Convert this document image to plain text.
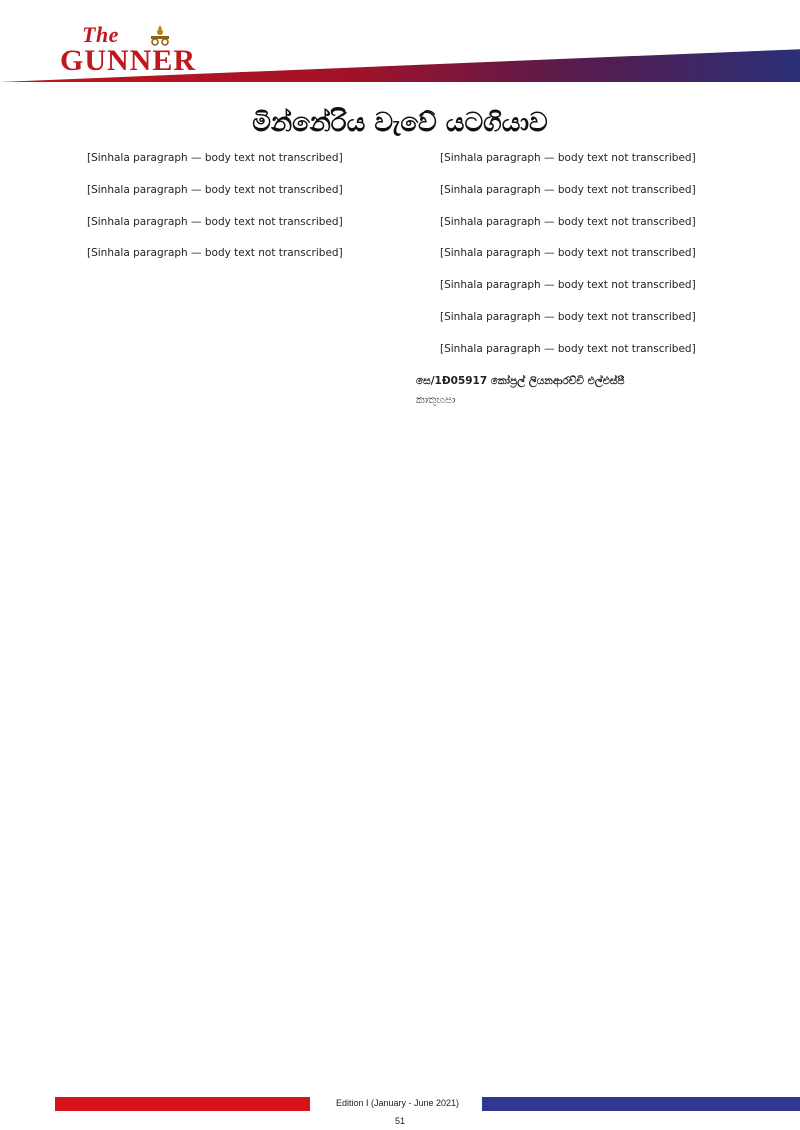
The
GUNNER
මින්නේරිය වැවේ යටගියාව

[Sinhala paragraph — body text not transcribed]

[Sinhala paragraph — body text not transcribed]

[Sinhala paragraph — body text not transcribed]

[Sinhala paragraph — body text not transcribed]

[Sinhala paragraph — body text not transcribed]

[Sinhala paragraph — body text not transcribed]

[Sinhala paragraph — body text not transcribed]

[Sinhala paragraph — body text not transcribed]

[Sinhala paragraph — body text not transcribed]

[Sinhala paragraph — body text not transcribed]

[Sinhala paragraph — body text not transcribed]

සෙ/1Ð05917 කෝප්‍රල් ලියනආරච්චි එල්එස්පී

කාතුහපා

Edition I (January - June 2021)
51
